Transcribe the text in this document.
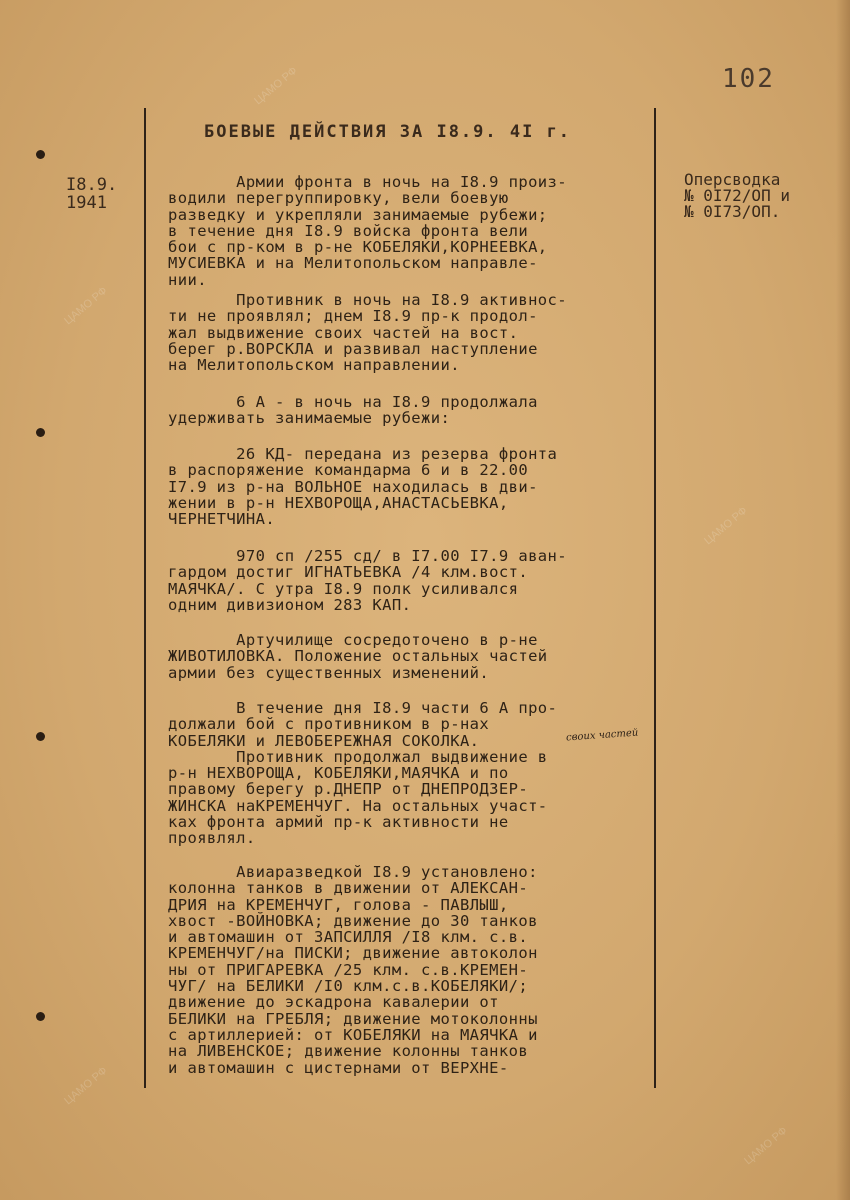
ЦАМО РФ
ЦАМО РФ
ЦАМО РФ
ЦАМО РФ
ЦАМО РФ
102
БОЕВЫЕ ДЕЙСТВИЯ ЗА I8.9. 4I г.
I8.9.
1941
Оперсводка
№ 0I72/ОП и
№ 0I73/ОП.
Армии фронта в ночь на I8.9 произ-
водили перегруппировку, вели боевую
разведку и укрепляли занимаемые рубежи;
в течение дня I8.9 войска фронта вели
бои с пр-ком в р-не КОБЕЛЯКИ,КОРНЕЕВКА,
МУСИЕВКА и на Мелитопольском направле-
нии.
Противник в ночь на I8.9 активнос-
ти не проявлял; днем I8.9 пр-к продол-
жал выдвижение своих частей на вост.
берег р.ВОРСКЛА и развивал наступление
на Мелитопольском направлении.
6 А - в ночь на I8.9 продолжала
удерживать занимаемые рубежи:
26 КД- передана из резерва фронта
в распоряжение командарма 6 и в 22.00
I7.9 из р-на ВОЛЬНОЕ находилась в дви-
жении в р-н НЕХВОРОЩА,АНАСТАСЬЕВКА,
ЧЕРНЕТЧИНА.
970 сп /255 сд/ в I7.00 I7.9 аван-
гардом достиг ИГНАТЬЕВКА /4 клм.вост.
МАЯЧКА/. С утра I8.9 полк усиливался
одним дивизионом 283 КАП.
Артучилище сосредоточено в р-не
ЖИВОТИЛОВКА. Положение остальных частей
армии без существенных изменений.
В течение дня I8.9 части 6 А про-
должали бой с противником в р-нах
КОБЕЛЯКИ и ЛЕВОБЕРЕЖНАЯ СОКОЛКА.
Противник продолжал выдвижение в
р-н НЕХВОРОЩА, КОБЕЛЯКИ,МАЯЧКА и по
правому берегу р.ДНЕПР от ДНЕПРОДЗЕР-
ЖИНСКА наКРЕМЕНЧУГ. На остальных участ-
ках фронта армий пр-к активности не
проявлял.
Авиаразведкой I8.9 установлено:
колонна танков в движении от АЛЕКСАН-
ДРИЯ на КРЕМЕНЧУГ, голова - ПАВЛЫШ,
хвост -ВОЙНОВКА; движение до 30 танков
и автомашин от ЗАПСИЛЛЯ /I8 клм. с.в.
КРЕМЕНЧУГ/на ПИСКИ; движение автоколон
ны от ПРИГАРЕВКА /25 клм. с.в.КРЕМЕН-
ЧУГ/ на БЕЛИКИ /I0 клм.с.в.КОБЕЛЯКИ/;
движение до эскадрона кавалерии от
БЕЛИКИ на ГРЕБЛЯ; движение мотоколонны
с артиллерией: от КОБЕЛЯКИ на МАЯЧКА и
на ЛИВЕНСКОЕ; движение колонны танков
и автомашин с цистернами от ВЕРХНЕ-
своих частей
